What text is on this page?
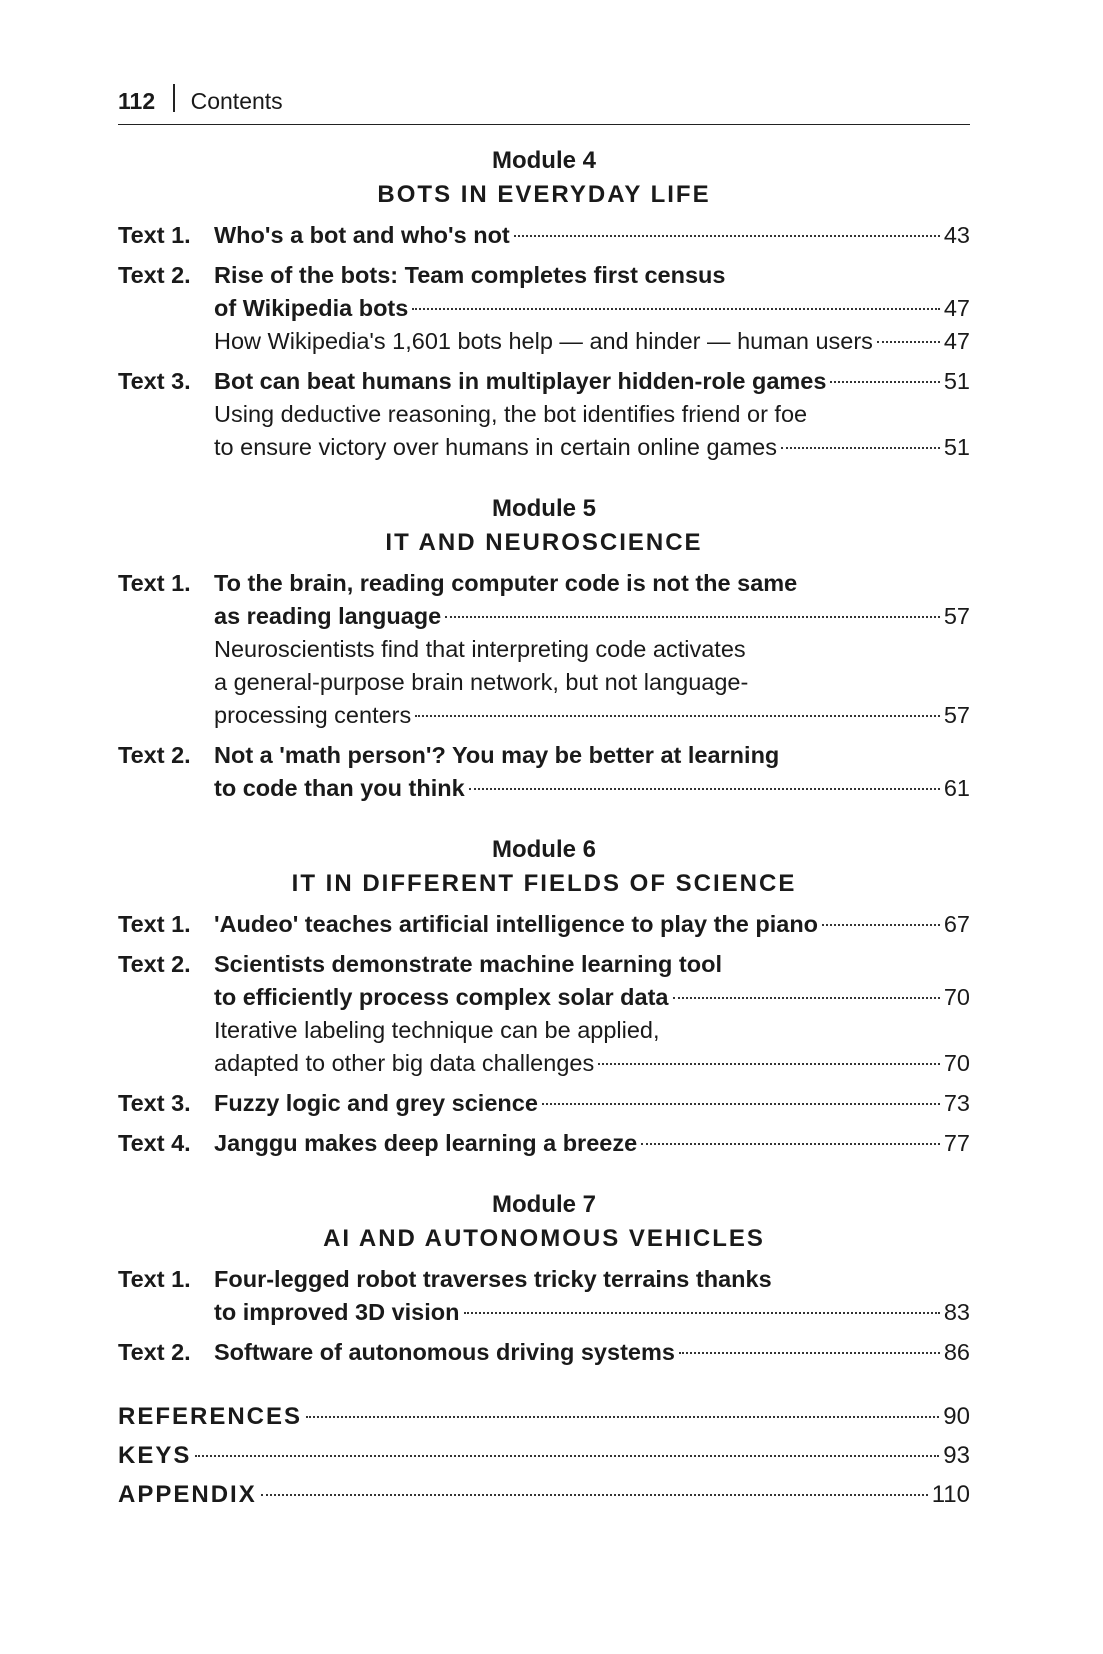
112 Contents
Module 4
BOTS IN EVERYDAY LIFE
Text 1. Who's a bot and who's not	43
Text 2. Rise of the bots: Team completes first census
of Wikipedia bots	47
How Wikipedia's 1,601 bots help — and hinder — human users	47
Text 3. Bot can beat humans in multiplayer hidden-role games	51
Using deductive reasoning, the bot identifies friend or foe
to ensure victory over humans in certain online games	51
Module 5
IT AND NEUROSCIENCE
Text 1. To the brain, reading computer code is not the same
as reading language	57
Neuroscientists find that interpreting code activates
a general-purpose brain network, but not language-
processing centers	57
Text 2. Not a 'math person'? You may be better at learning
to code than you think	61
Module 6
IT IN DIFFERENT FIELDS OF SCIENCE
Text 1. 'Audeo' teaches artificial intelligence to play the piano	67
Text 2. Scientists demonstrate machine learning tool
to efficiently process complex solar data	70
Iterative labeling technique can be applied,
adapted to other big data challenges	70
Text 3. Fuzzy logic and grey science	73
Text 4. Janggu makes deep learning a breeze	77
Module 7
AI AND AUTONOMOUS VEHICLES
Text 1. Four-legged robot traverses tricky terrains thanks
to improved 3D vision	83
Text 2. Software of autonomous driving systems	86
REFERENCES	90
KEYS	93
APPENDIX	110
